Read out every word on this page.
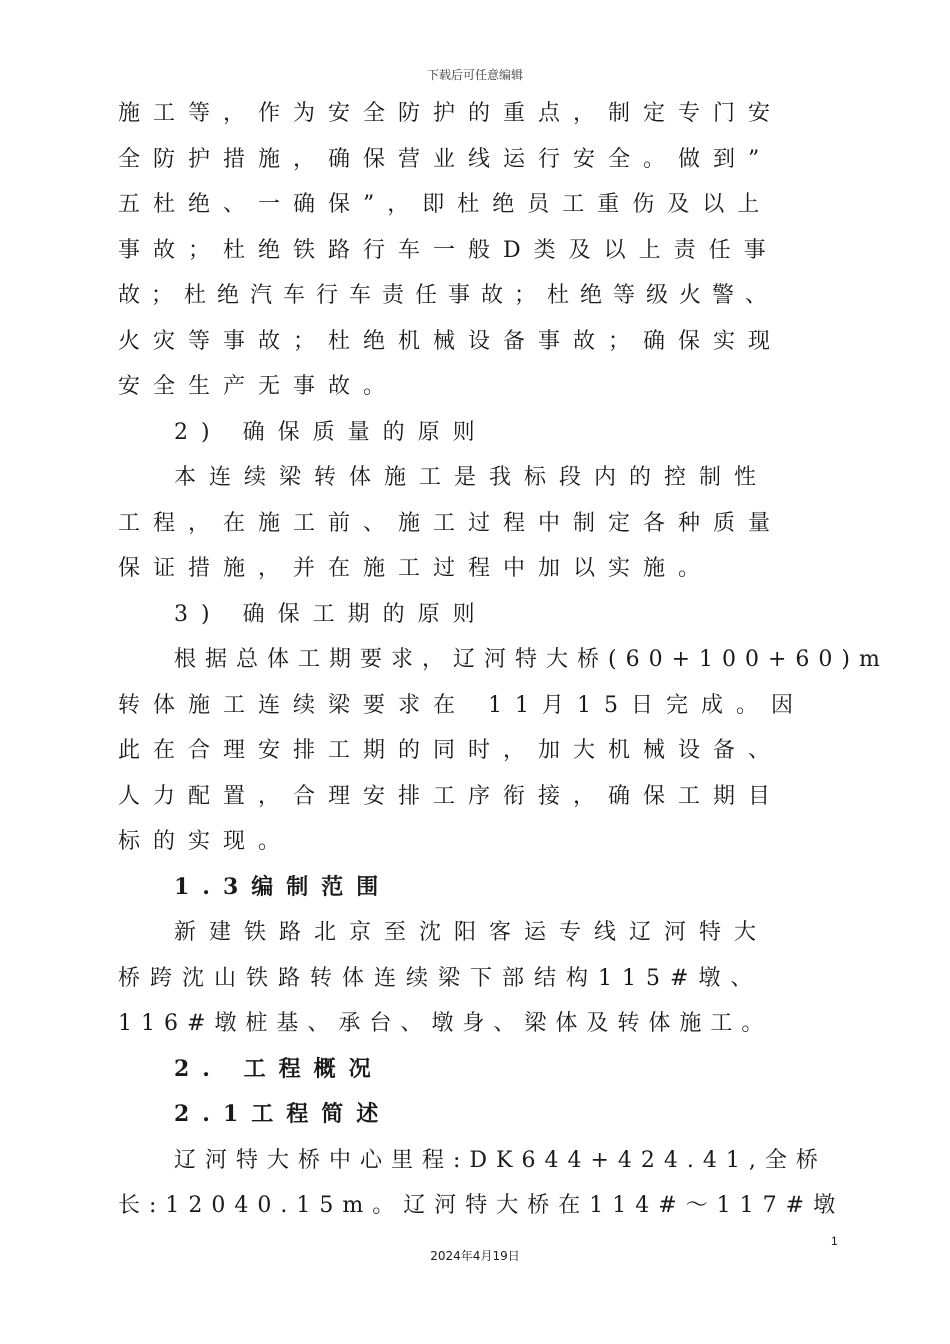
下载后可任意编辑
施工等，作为安全防护的重点，制定专门安
全防护措施，确保营业线运行安全。做到”
五杜绝、一确保”，即杜绝员工重伤及以上
事故；杜绝铁路行车一般D类及以上责任事
故；杜绝汽车行车责任事故；杜绝等级火警、
火灾等事故；杜绝机械设备事故；确保实现
安全生产无事故。
2) 确保质量的原则
本连续梁转体施工是我标段内的控制性
工程，在施工前、施工过程中制定各种质量
保证措施，并在施工过程中加以实施。
3) 确保工期的原则
根据总体工期要求，辽河特大桥(60+100+60)m
转体施工连续梁要求在 11月15日完成。因
此在合理安排工期的同时，加大机械设备、
人力配置，合理安排工序衔接，确保工期目
标的实现。
1.3编制范围
新建铁路北京至沈阳客运专线辽河特大
桥跨沈山铁路转体连续梁下部结构115#墩、
116#墩桩基、承台、墩身、梁体及转体施工。
2. 工程概况
2.1工程简述
辽河特大桥中心里程:DK644+424.41,全桥
长:12040.15m。辽河特大桥在114#～117#墩
1
2024年4月19日
